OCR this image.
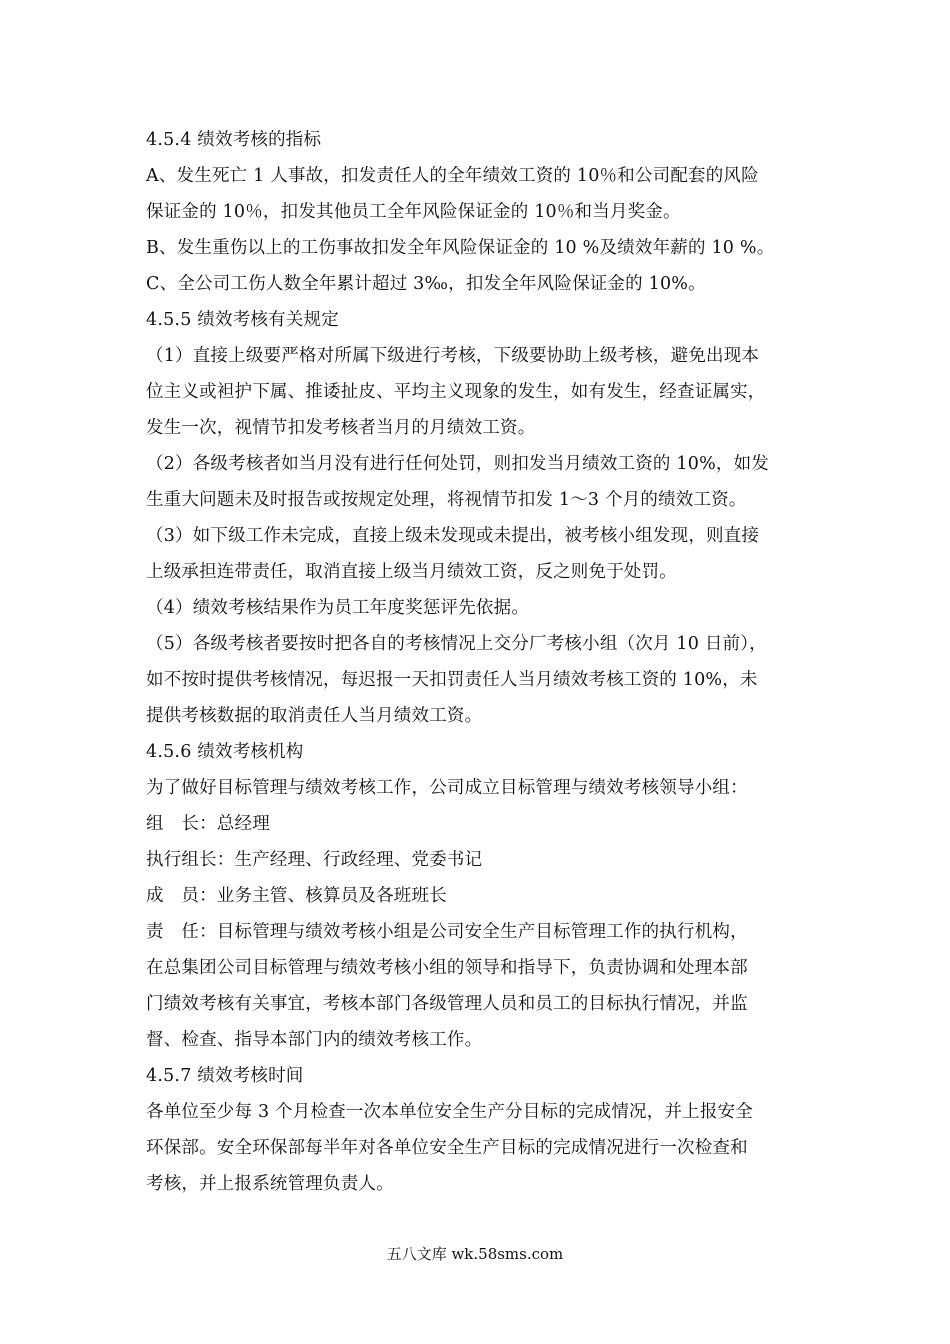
4.5.4 绩效考核的指标
A、发生死亡 1 人事故，扣发责任人的全年绩效工资的 10％和公司配套的风险
保证金的 10％，扣发其他员工全年风险保证金的 10％和当月奖金。
B、发生重伤以上的工伤事故扣发全年风险保证金的 10 %及绩效年薪的 10 %。
C、全公司工伤人数全年累计超过 3‰，扣发全年风险保证金的 10%。
4.5.5 绩效考核有关规定
（1）直接上级要严格对所属下级进行考核，下级要协助上级考核，避免出现本
位主义或袒护下属、推诿扯皮、平均主义现象的发生，如有发生，经查证属实，
发生一次，视情节扣发考核者当月的月绩效工资。
（2）各级考核者如当月没有进行任何处罚，则扣发当月绩效工资的 10%，如发
生重大问题未及时报告或按规定处理，将视情节扣发 1～3 个月的绩效工资。
（3）如下级工作未完成，直接上级未发现或未提出，被考核小组发现，则直接
上级承担连带责任，取消直接上级当月绩效工资，反之则免于处罚。
（4）绩效考核结果作为员工年度奖惩评先依据。
（5）各级考核者要按时把各自的考核情况上交分厂考核小组（次月 10 日前），
如不按时提供考核情况，每迟报一天扣罚责任人当月绩效考核工资的 10%，未
提供考核数据的取消责任人当月绩效工资。
4.5.6 绩效考核机构
为了做好目标管理与绩效考核工作，公司成立目标管理与绩效考核领导小组：
组　长：总经理
执行组长：生产经理、行政经理、党委书记
成　员：业务主管、核算员及各班班长
责　任：目标管理与绩效考核小组是公司安全生产目标管理工作的执行机构，
在总集团公司目标管理与绩效考核小组的领导和指导下，负责协调和处理本部
门绩效考核有关事宜，考核本部门各级管理人员和员工的目标执行情况，并监
督、检查、指导本部门内的绩效考核工作。
4.5.7 绩效考核时间
各单位至少每 3 个月检查一次本单位安全生产分目标的完成情况，并上报安全
环保部。安全环保部每半年对各单位安全生产目标的完成情况进行一次检查和
考核，并上报系统管理负责人。
五八文库 wk.58sms.com
